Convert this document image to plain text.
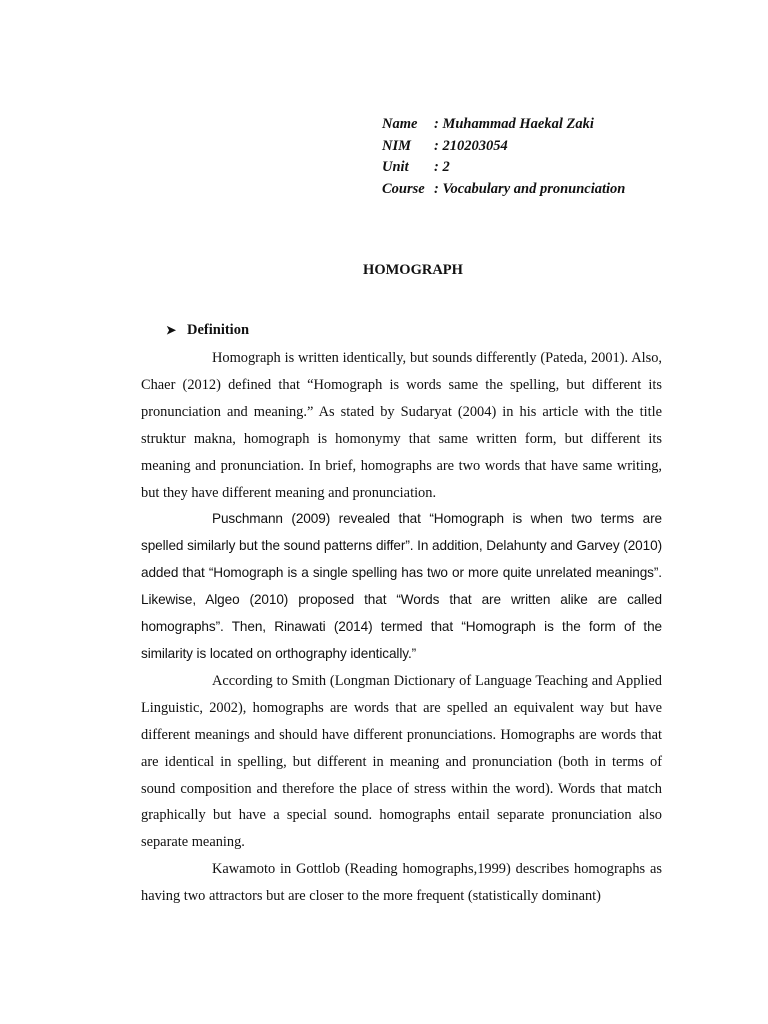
Name	: Muhammad Haekal Zaki
NIM	: 210203054
Unit	: 2
Course : Vocabulary and pronunciation
HOMOGRAPH
➤ Definition

Homograph is written identically, but sounds differently (Pateda, 2001). Also, Chaer (2012) defined that “Homograph is words same the spelling, but different its pronunciation and meaning.” As stated by Sudaryat (2004) in his article with the title struktur makna, homograph is homonymy that same written form, but different its meaning and pronunciation. In brief, homographs are two words that have same writing, but they have different meaning and pronunciation.

Puschmann (2009) revealed that “Homograph is when two terms are spelled similarly but the sound patterns differ”. In addition, Delahunty and Garvey (2010) added that “Homograph is a single spelling has two or more quite unrelated meanings”. Likewise, Algeo (2010) proposed that “Words that are written alike are called homographs”. Then, Rinawati (2014) termed that “Homograph is the form of the similarity is located on orthography identically.”

According to Smith (Longman Dictionary of Language Teaching and Applied Linguistic, 2002), homographs are words that are spelled an equivalent way but have different meanings and should have different pronunciations. Homographs are words that are identical in spelling, but different in meaning and pronunciation (both in terms of sound composition and therefore the place of stress within the word). Words that match graphically but have a special sound. homographs entail separate pronunciation also separate meaning.

Kawamoto in Gottlob (Reading homographs,1999) describes homographs as having two attractors but are closer to the more frequent (statistically dominant)
